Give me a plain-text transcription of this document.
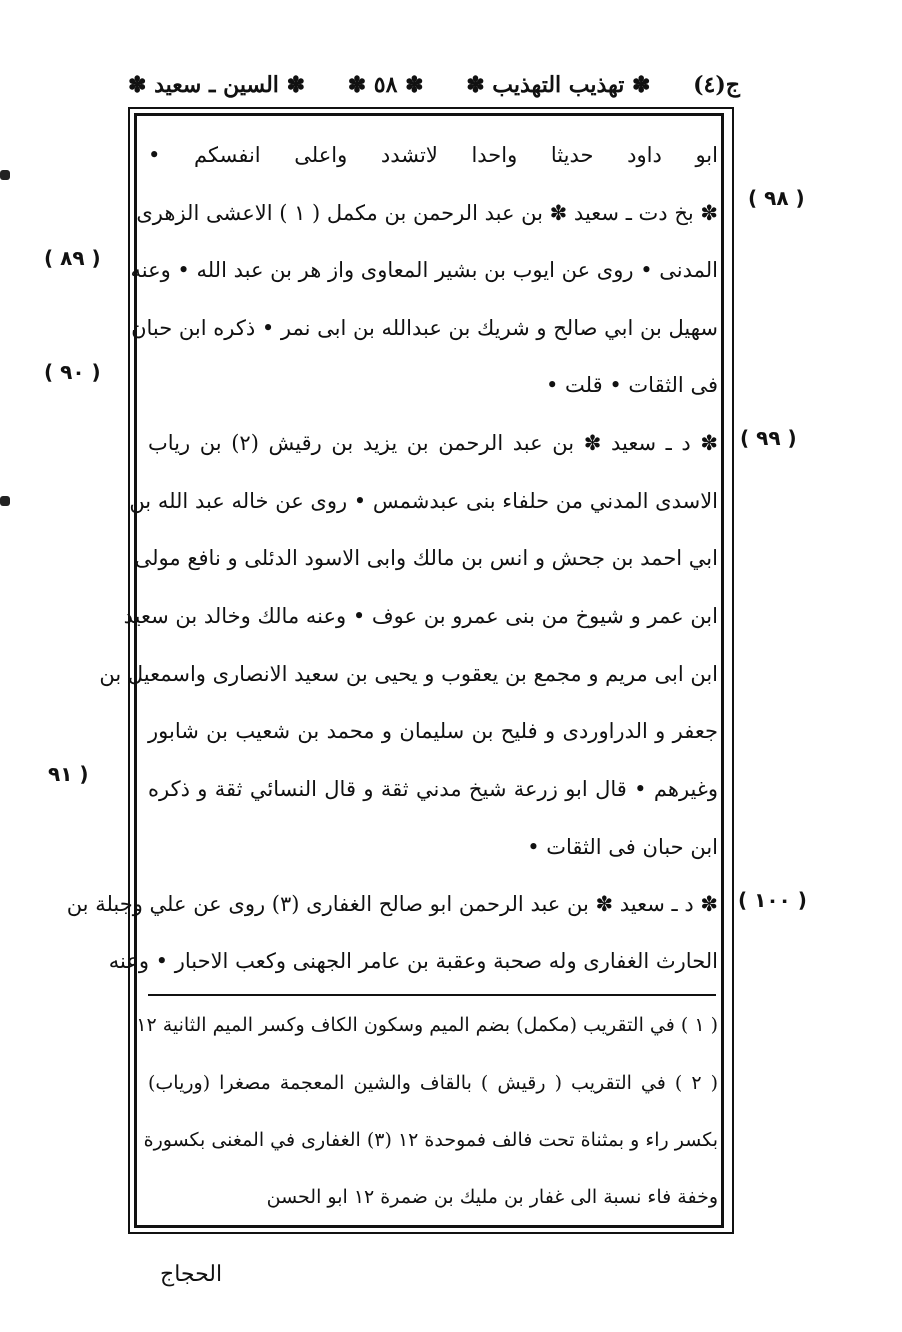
ج(٤)
✽ تهذيب التهذيب ✽
✽ ٥٨ ✽
✽ السين ـ سعيد ✽
ابو داود حديثا واحدا لاتشدد واعلى انفسكم •
✽ بخ دت ـ سعيد ✽ بن عبد الرحمن بن مكمل ( ١ ) الاعشى الزهرى
المدنى • روى عن ايوب بن بشير المعاوى واز هر بن عبد الله • وعنه
سهيل بن ابي صالح و شريك بن عبدالله بن ابى نمر • ذكره ابن حبان
فى الثقات • قلت •
✽ د ـ سعيد ✽ بن عبد الرحمن بن يزيد بن رقيش (٢) بن رياب
الاسدى المدني من حلفاء بنى عبدشمس • روى عن خاله عبد الله بن
ابي احمد بن جحش و انس بن مالك وابى الاسود الدئلى و نافع مولى
ابن عمر و شيوخ من بنى عمرو بن عوف • وعنه مالك وخالد بن سعيد
ابن ابى مريم و مجمع بن يعقوب و يحيى بن سعيد الانصارى واسمعيل بن
جعفر و الدراوردى و فليح بن سليمان و محمد بن شعيب بن شابور
وغيرهم • قال ابو زرعة شيخ مدني ثقة و قال النسائي ثقة و ذكره
ابن حبان فى الثقات •
✽ د ـ سعيد ✽ بن عبد الرحمن ابو صالح الغفارى (٣) روى عن علي وجبلة بن
الحارث الغفارى وله صحبة وعقبة بن عامر الجهنى وكعب الاحبار • وعنه
( ١ ) في التقريب (مكمل) بضم الميم وسكون الكاف وكسر الميم الثانية ١٢
( ٢ ) في التقريب ( رقيش ) بالقاف والشين المعجمة مصغرا (ورياب)
بكسر راء و بمثناة تحت فالف فموحدة ١٢ (٣) الغفارى في المغنى بكسورة
وخفة فاء نسبة الى غفار بن مليك بن ضمرة ١٢ ابو الحسن
( ٩٨ )
( ٩٩ )
( ١٠٠ )
( ٨٩ )
( ٩٠ )
٩١ )
الحجاج
